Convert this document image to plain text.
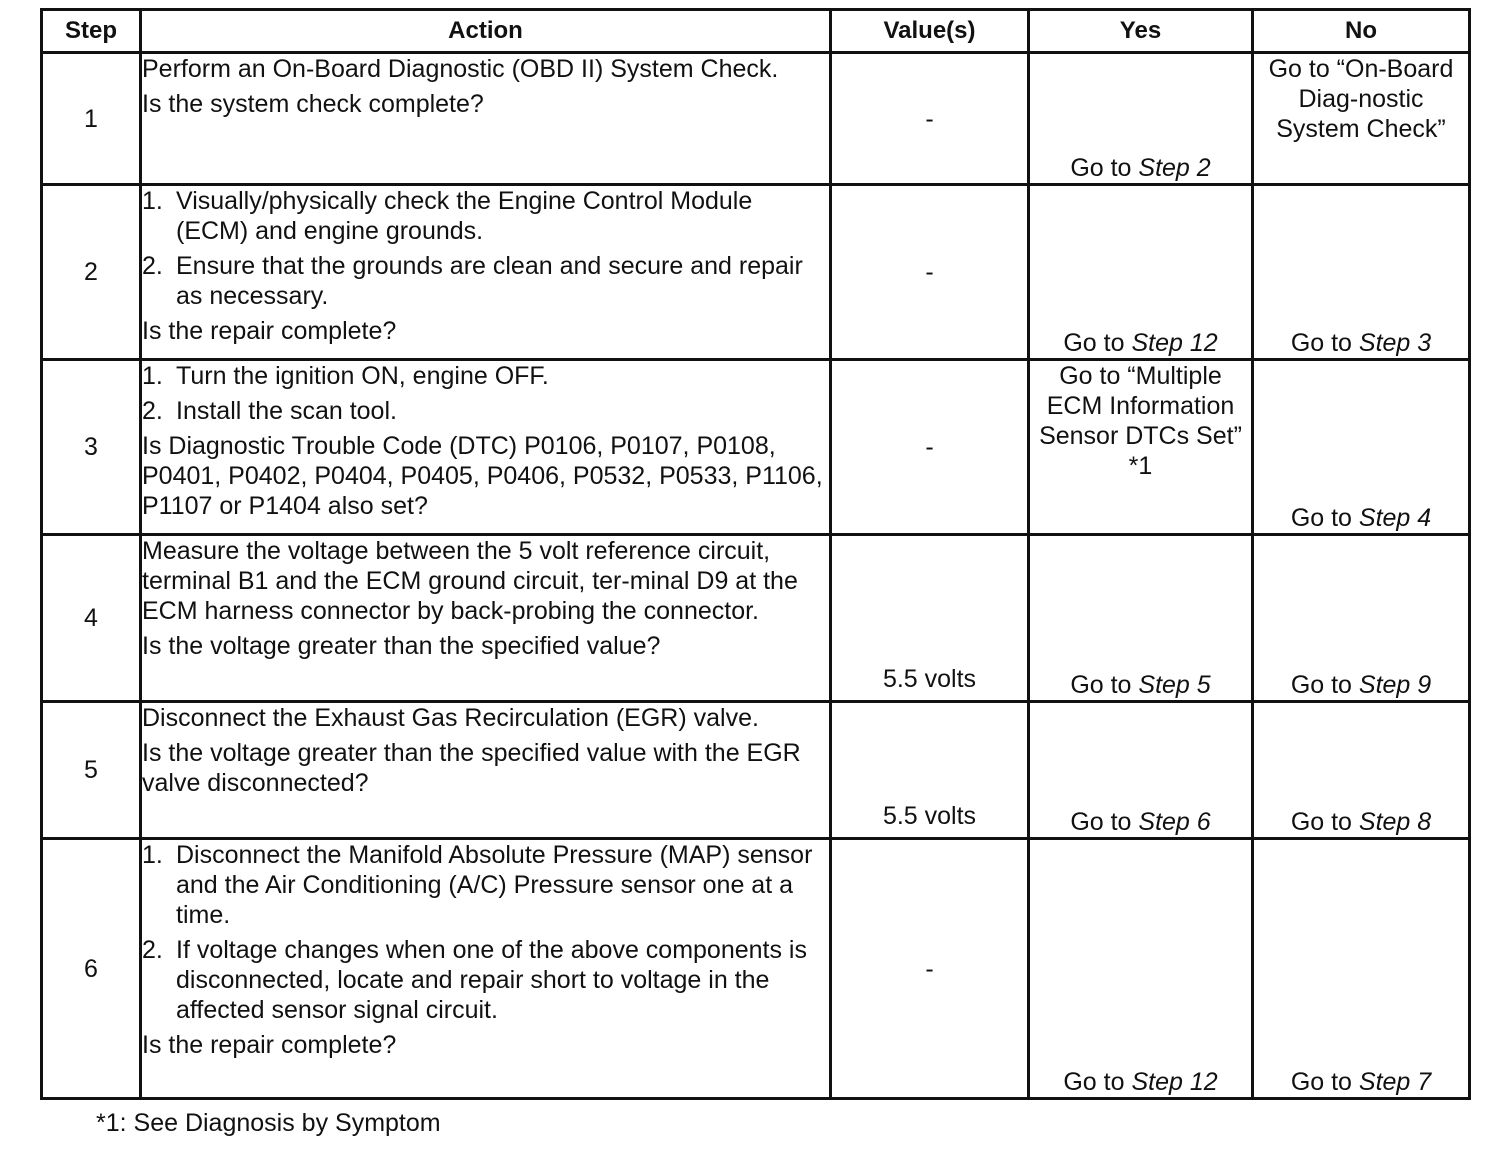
Step	Action	Value(s)	Yes	No
1	Perform an On-Board Diagnostic (OBD II) System Check.
Is the system check complete?	-	Go to Step 2	Go to “On-Board Diag-nostic System Check”
2	1. Visually/physically check the Engine Control Module (ECM) and engine grounds.
2. Ensure that the grounds are clean and secure and repair as necessary.
Is the repair complete?	-	Go to Step 12	Go to Step 3
3	1. Turn the ignition ON, engine OFF.
2. Install the scan tool.
Is Diagnostic Trouble Code (DTC) P0106, P0107, P0108, P0401, P0402, P0404, P0405, P0406, P0532, P0533, P1106, P1107 or P1404 also set?	-	Go to “Multiple ECM Information Sensor DTCs Set” *1	Go to Step 4
4	Measure the voltage between the 5 volt reference circuit, terminal B1 and the ECM ground circuit, ter-minal D9 at the ECM harness connector by back-probing the connector.
Is the voltage greater than the specified value?	5.5 volts	Go to Step 5	Go to Step 9
5	Disconnect the Exhaust Gas Recirculation (EGR) valve.
Is the voltage greater than the specified value with the EGR valve disconnected?	5.5 volts	Go to Step 6	Go to Step 8
6	1. Disconnect the Manifold Absolute Pressure (MAP) sensor and the Air Conditioning (A/C) Pressure sensor one at a time.
2. If voltage changes when one of the above components is disconnected, locate and repair short to voltage in the affected sensor signal circuit.
Is the repair complete?	-	Go to Step 12	Go to Step 7
*1: See Diagnosis by Symptom
